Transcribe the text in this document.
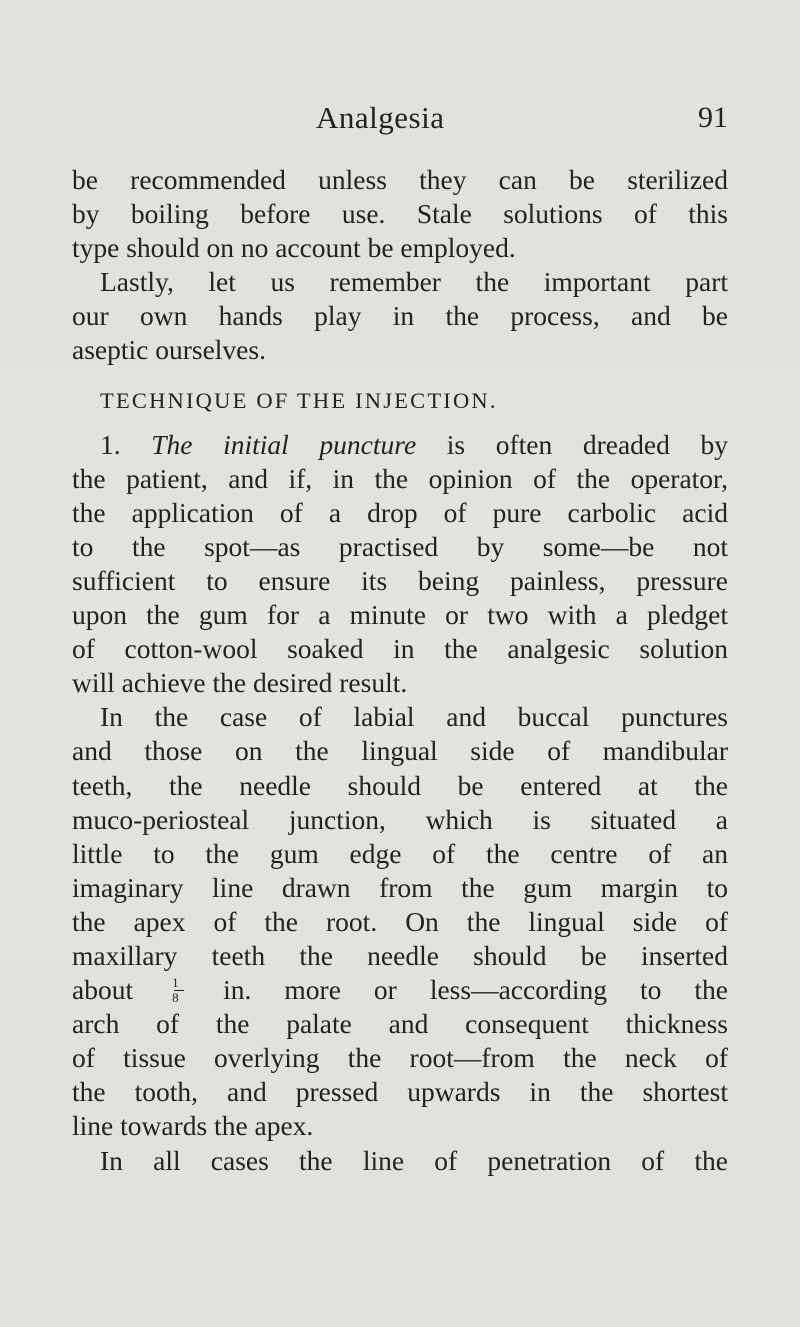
Analgesia	91
be recommended unless they can be sterilized
by boiling before use. Stale solutions of this
type should on no account be employed.
Lastly, let us remember the important part
our own hands play in the process, and be
aseptic ourselves.
TECHNIQUE OF THE INJECTION.
1. The initial puncture is often dreaded by
the patient, and if, in the opinion of the operator,
the application of a drop of pure carbolic acid
to the spot—as practised by some—be not
sufficient to ensure its being painless, pressure
upon the gum for a minute or two with a pledget
of cotton-wool soaked in the analgesic solution
will achieve the desired result.
In the case of labial and buccal punctures
and those on the lingual side of mandibular
teeth, the needle should be entered at the
muco-periosteal junction, which is situated a
little to the gum edge of the centre of an
imaginary line drawn from the gum margin to
the apex of the root. On the lingual side of
maxillary teeth the needle should be inserted
about	$\frac{1}{8}$ in. more or less—according to the
arch of the palate and consequent thickness
of tissue overlying the root—from the neck of
the tooth, and pressed upwards in the shortest
line towards the apex.
In all cases the line of penetration of the
